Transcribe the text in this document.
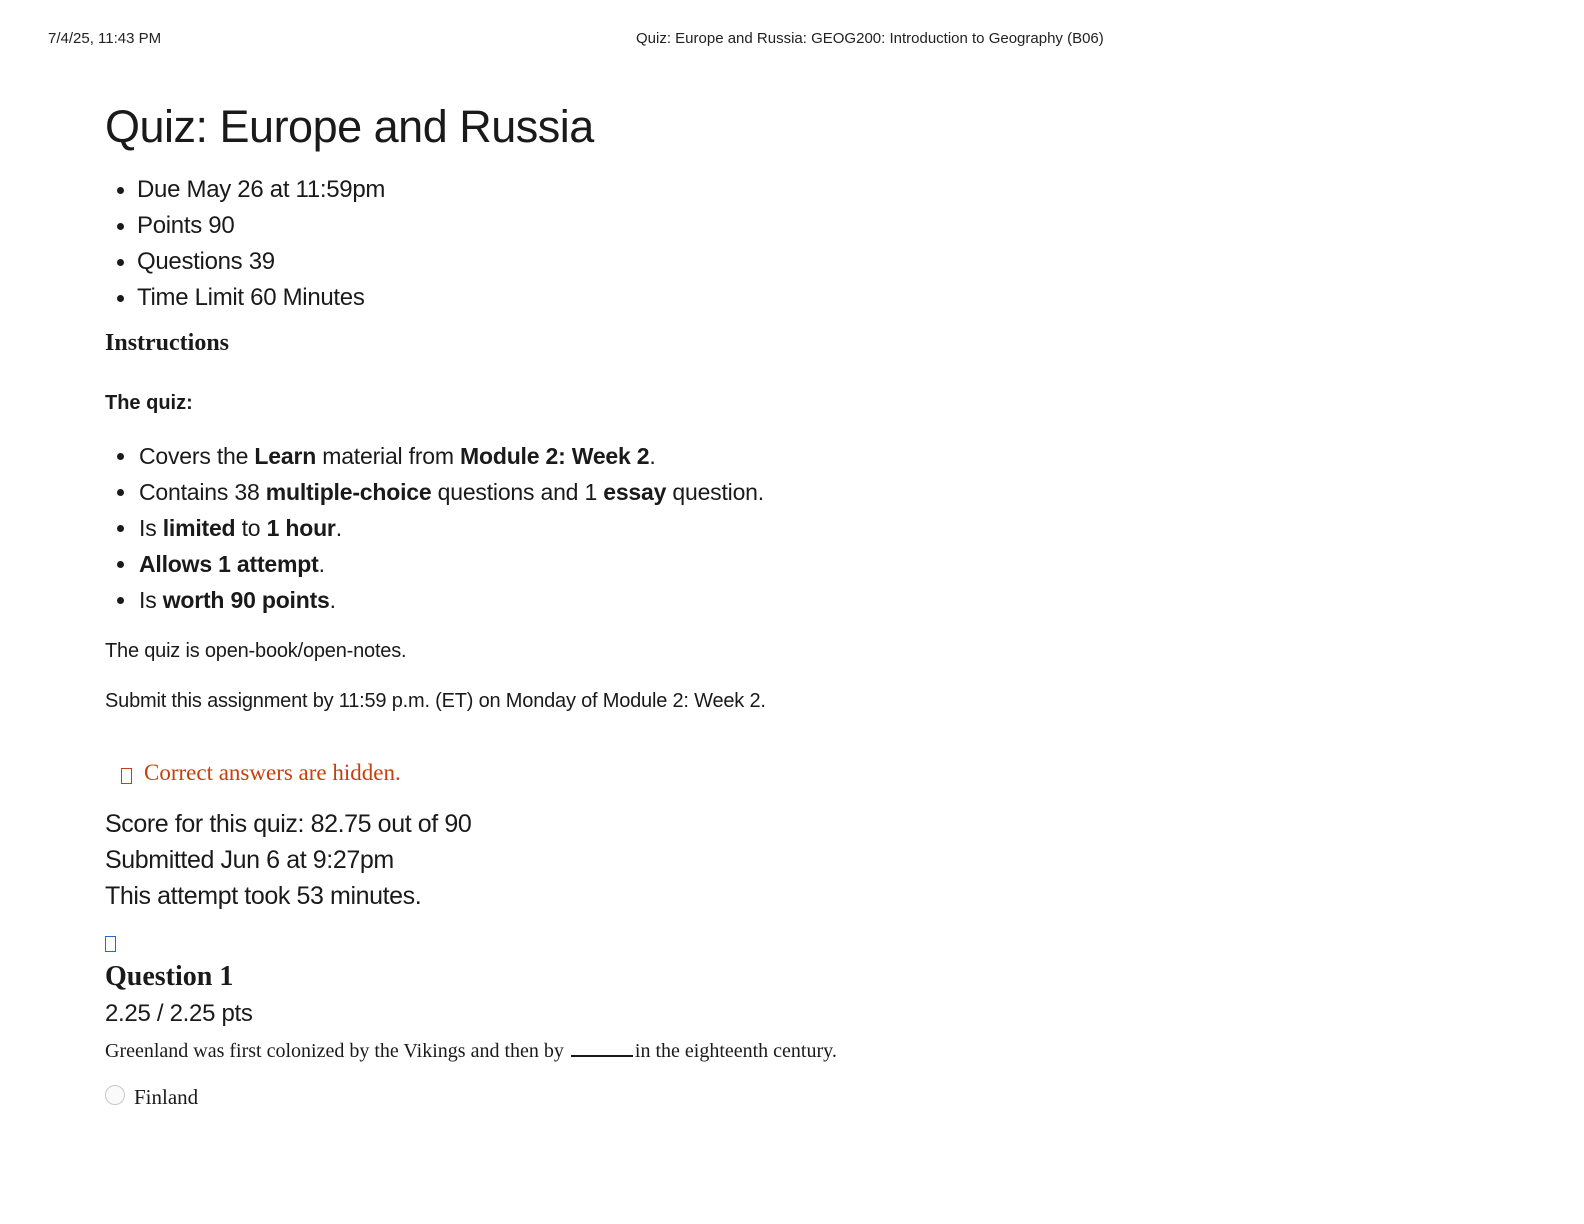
7/4/25, 11:43 PM	Quiz: Europe and Russia: GEOG200: Introduction to Geography (B06)
Quiz: Europe and Russia
Due May 26 at 11:59pm
Points 90
Questions 39
Time Limit 60 Minutes
Instructions
The quiz:
Covers the Learn material from Module 2: Week 2.
Contains 38 multiple-choice questions and 1 essay question.
Is limited to 1 hour.
Allows 1 attempt.
Is worth 90 points.
The quiz is open-book/open-notes.
Submit this assignment by 11:59 p.m. (ET) on Monday of Module 2: Week 2.
Correct answers are hidden.
Score for this quiz: 82.75 out of 90
Submitted Jun 6 at 9:27pm
This attempt took 53 minutes.
Question 1
2.25 / 2.25 pts
Greenland was first colonized by the Vikings and then by	in the eighteenth century.
Finland
